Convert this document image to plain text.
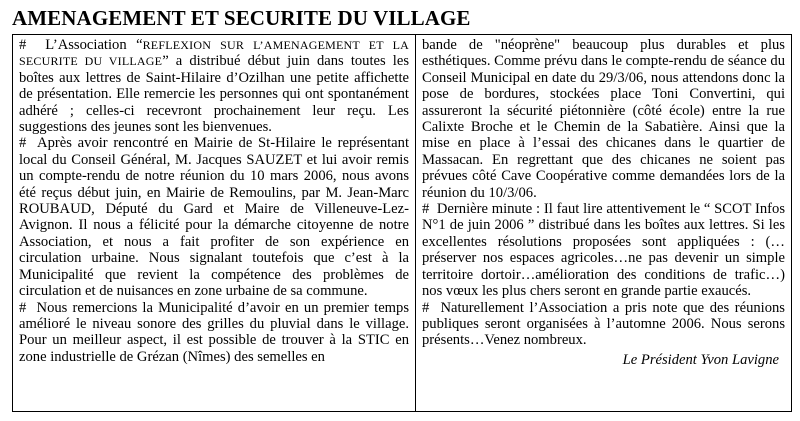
AMENAGEMENT ET SECURITE DU VILLAGE

# L’Association “REFLEXION SUR L’AMENAGEMENT ET LA SECURITE DU VILLAGE” a distribué début juin dans toutes les boîtes aux lettres de Saint-Hilaire d’Ozilhan une petite affichette de présentation. Elle remercie les personnes qui ont spontanément adhéré ; celles-ci recevront prochainement leur reçu. Les suggestions des jeunes sont les bienvenues.

# Après avoir rencontré en Mairie de St-Hilaire le représentant local du Conseil Général, M. Jacques SAUZET et lui avoir remis un compte-rendu de notre réunion du 10 mars 2006, nous avons été reçus début juin, en Mairie de Remoulins, par M. Jean-Marc ROUBAUD, Député du Gard et Maire de Villeneuve-Lez-Avignon. Il nous a félicité pour la démarche citoyenne de notre Association, et nous a fait profiter de son expérience en circulation urbaine. Nous signalant toutefois que c’est à la Municipalité que revient la compétence des problèmes de circulation et de nuisances en zone urbaine de sa commune.

# Nous remercions la Municipalité d’avoir en un premier temps amélioré le niveau sonore des grilles du pluvial dans le village. Pour un meilleur aspect, il est possible de trouver à la STIC en zone industrielle de Grézan (Nîmes) des semelles en

bande de "néoprène" beaucoup plus durables et plus esthétiques. Comme prévu dans le compte-rendu de séance du Conseil Municipal en date du 29/3/06, nous attendons donc la pose de bordures, stockées place Toni Convertini, qui assureront la sécurité piétonnière (côté école) entre la rue Calixte Broche et le Chemin de la Sabatière. Ainsi que la mise en place à l’essai des chicanes dans le quartier de Massacan. En regrettant que des chicanes ne soient pas prévues côté Cave Coopérative comme demandées lors de la réunion du 10/3/06.

# Dernière minute : Il faut lire attentivement le “ SCOT Infos N°1 de juin 2006 ” distribué dans les boîtes aux lettres. Si les excellentes résolutions proposées sont appliquées : (…préserver nos espaces agricoles…ne pas devenir un simple territoire dortoir…amélioration des conditions de trafic…) nos vœux les plus chers seront en grande partie exaucés.

# Naturellement l’Association a pris note que des réunions publiques seront organisées à l’automne 2006. Nous serons présents…Venez nombreux.

Le Président Yvon Lavigne
